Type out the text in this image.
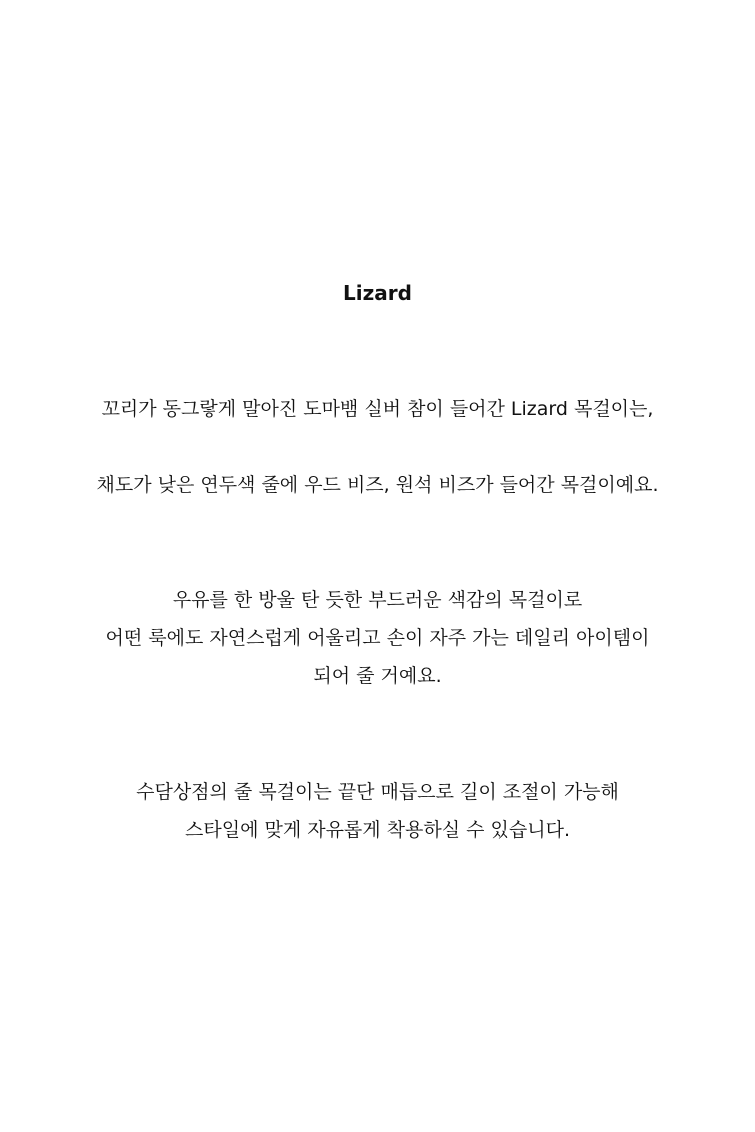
Lizard

꼬리가 동그랗게 말아진 도마뱀 실버 참이 들어간 Lizard 목걸이는,

채도가 낮은 연두색 줄에 우드 비즈, 원석 비즈가 들어간 목걸이예요.

우유를 한 방울 탄 듯한 부드러운 색감의 목걸이로

어떤 룩에도 자연스럽게 어울리고 손이 자주 가는 데일리 아이템이

되어 줄 거예요.

수담상점의 줄 목걸이는 끝단 매듭으로 길이 조절이 가능해

스타일에 맞게 자유롭게 착용하실 수 있습니다.
